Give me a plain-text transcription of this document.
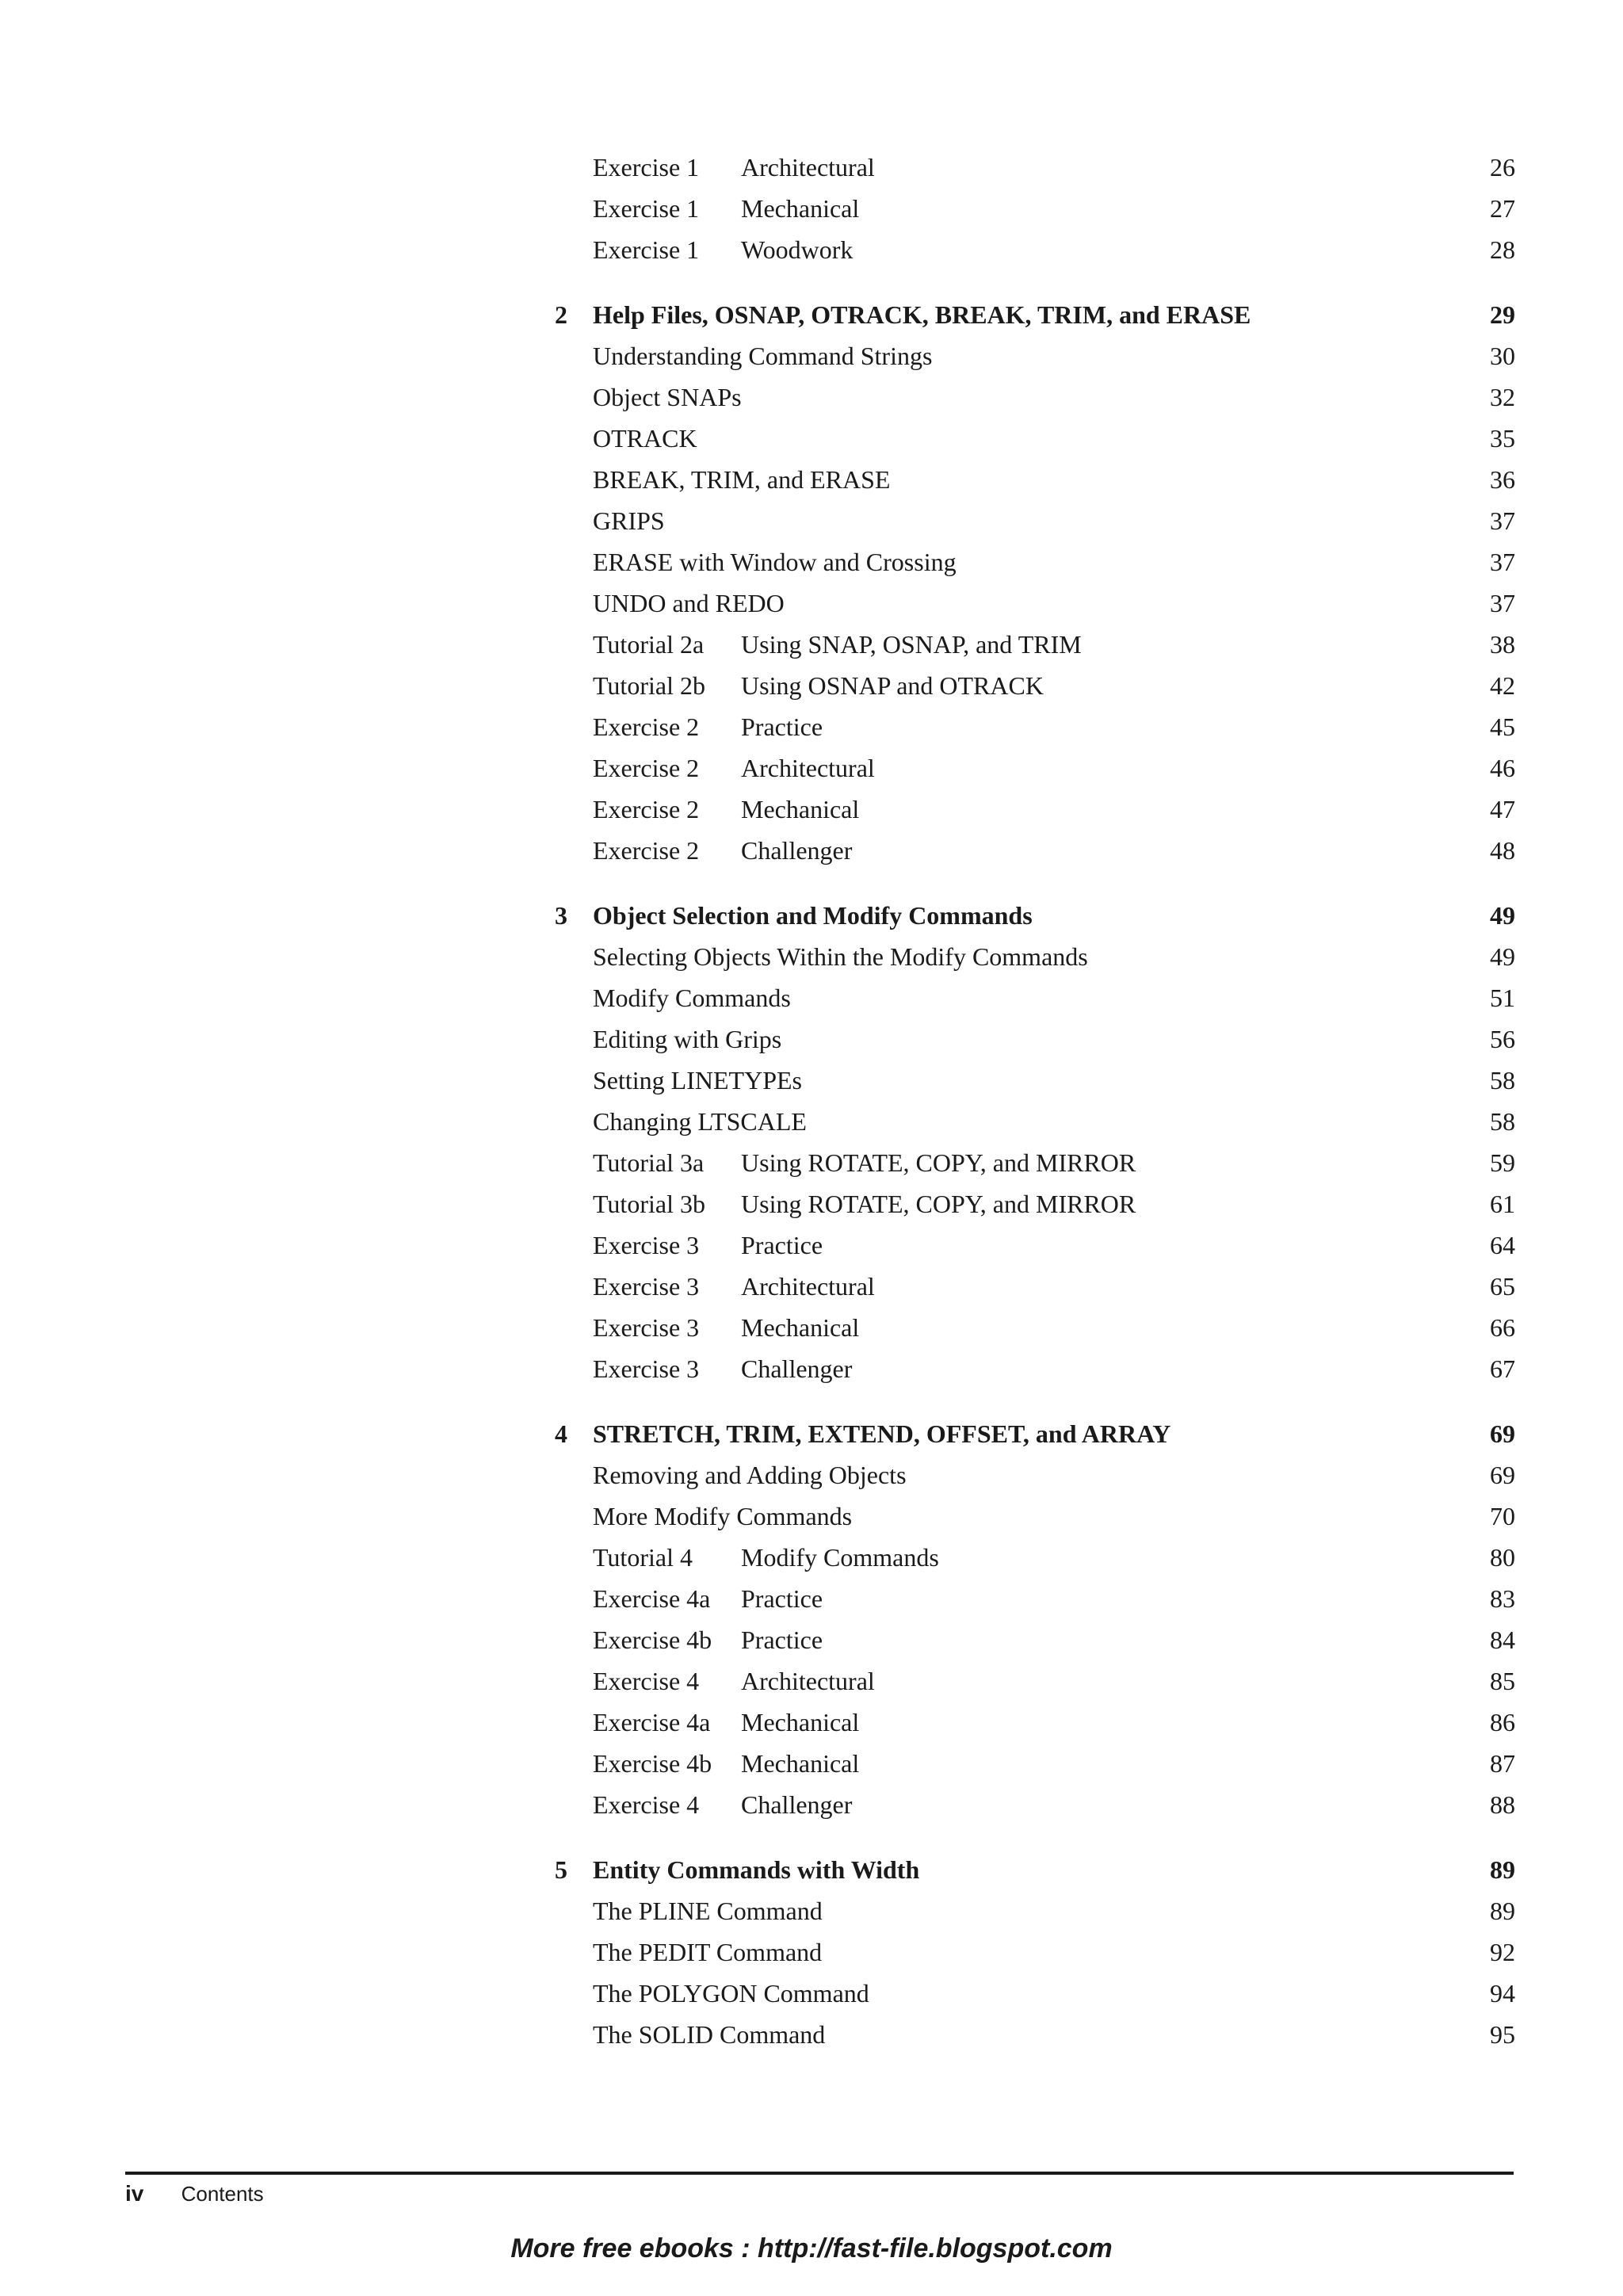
Exercise 1 Architectural	26
Exercise 1 Mechanical	27
Exercise 1 Woodwork	28
2 Help Files, OSNAP, OTRACK, BREAK, TRIM, and ERASE	29
Understanding Command Strings	30
Object SNAPs	32
OTRACK	35
BREAK, TRIM, and ERASE	36
GRIPS	37
ERASE with Window and Crossing	37
UNDO and REDO	37
Tutorial 2a Using SNAP, OSNAP, and TRIM	38
Tutorial 2b Using OSNAP and OTRACK	42
Exercise 2 Practice	45
Exercise 2 Architectural	46
Exercise 2 Mechanical	47
Exercise 2 Challenger	48
3 Object Selection and Modify Commands	49
Selecting Objects Within the Modify Commands	49
Modify Commands	51
Editing with Grips	56
Setting LINETYPEs	58
Changing LTSCALE	58
Tutorial 3a Using ROTATE, COPY, and MIRROR	59
Tutorial 3b Using ROTATE, COPY, and MIRROR	61
Exercise 3 Practice	64
Exercise 3 Architectural	65
Exercise 3 Mechanical	66
Exercise 3 Challenger	67
4 STRETCH, TRIM, EXTEND, OFFSET, and ARRAY	69
Removing and Adding Objects	69
More Modify Commands	70
Tutorial 4 Modify Commands	80
Exercise 4a Practice	83
Exercise 4b Practice	84
Exercise 4 Architectural	85
Exercise 4a Mechanical	86
Exercise 4b Mechanical	87
Exercise 4 Challenger	88
5 Entity Commands with Width	89
The PLINE Command	89
The PEDIT Command	92
The POLYGON Command	94
The SOLID Command	95
iv Contents
More free ebooks : http://fast-file.blogspot.com
